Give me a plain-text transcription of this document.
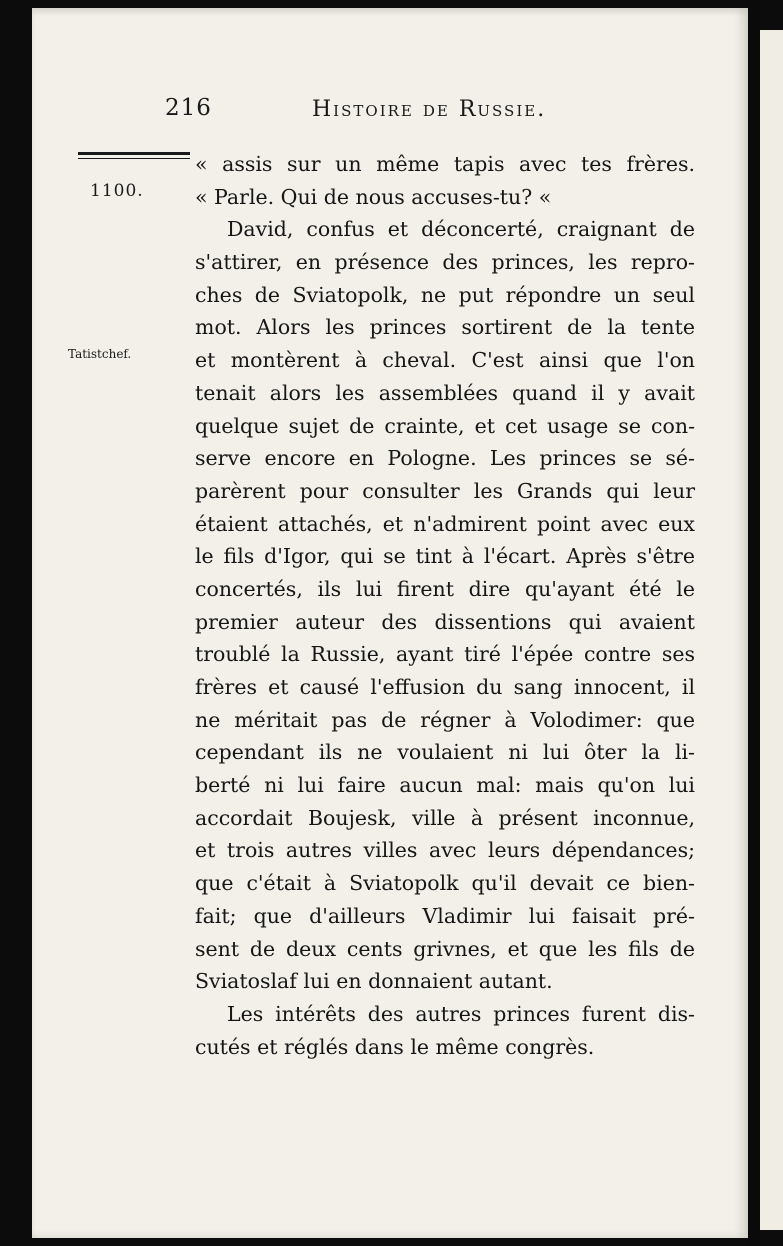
216	Histoire de Russie.
1100.
Tatistchef.
« assis sur un même tapis avec tes frères.
« Parle. Qui de nous accuses-tu? «
David, confus et déconcerté, craignant de
s'attirer, en présence des princes, les repro-
ches de Sviatopolk, ne put répondre un seul
mot. Alors les princes sortirent de la tente
et montèrent à cheval. C'est ainsi que l'on
tenait alors les assemblées quand il y avait
quelque sujet de crainte, et cet usage se con-
serve encore en Pologne. Les princes se sé-
parèrent pour consulter les Grands qui leur
étaient attachés, et n'admirent point avec eux
le fils d'Igor, qui se tint à l'écart. Après s'être
concertés, ils lui firent dire qu'ayant été le
premier auteur des dissentions qui avaient
troublé la Russie, ayant tiré l'épée contre ses
frères et causé l'effusion du sang innocent, il
ne méritait pas de régner à Volodimer: que
cependant ils ne voulaient ni lui ôter la li-
berté ni lui faire aucun mal: mais qu'on lui
accordait Boujesk, ville à présent inconnue,
et trois autres villes avec leurs dépendances;
que c'était à Sviatopolk qu'il devait ce bien-
fait; que d'ailleurs Vladimir lui faisait pré-
sent de deux cents grivnes, et que les fils de
Sviatoslaf lui en donnaient autant.
Les intérêts des autres princes furent dis-
cutés et réglés dans le même congrès.
